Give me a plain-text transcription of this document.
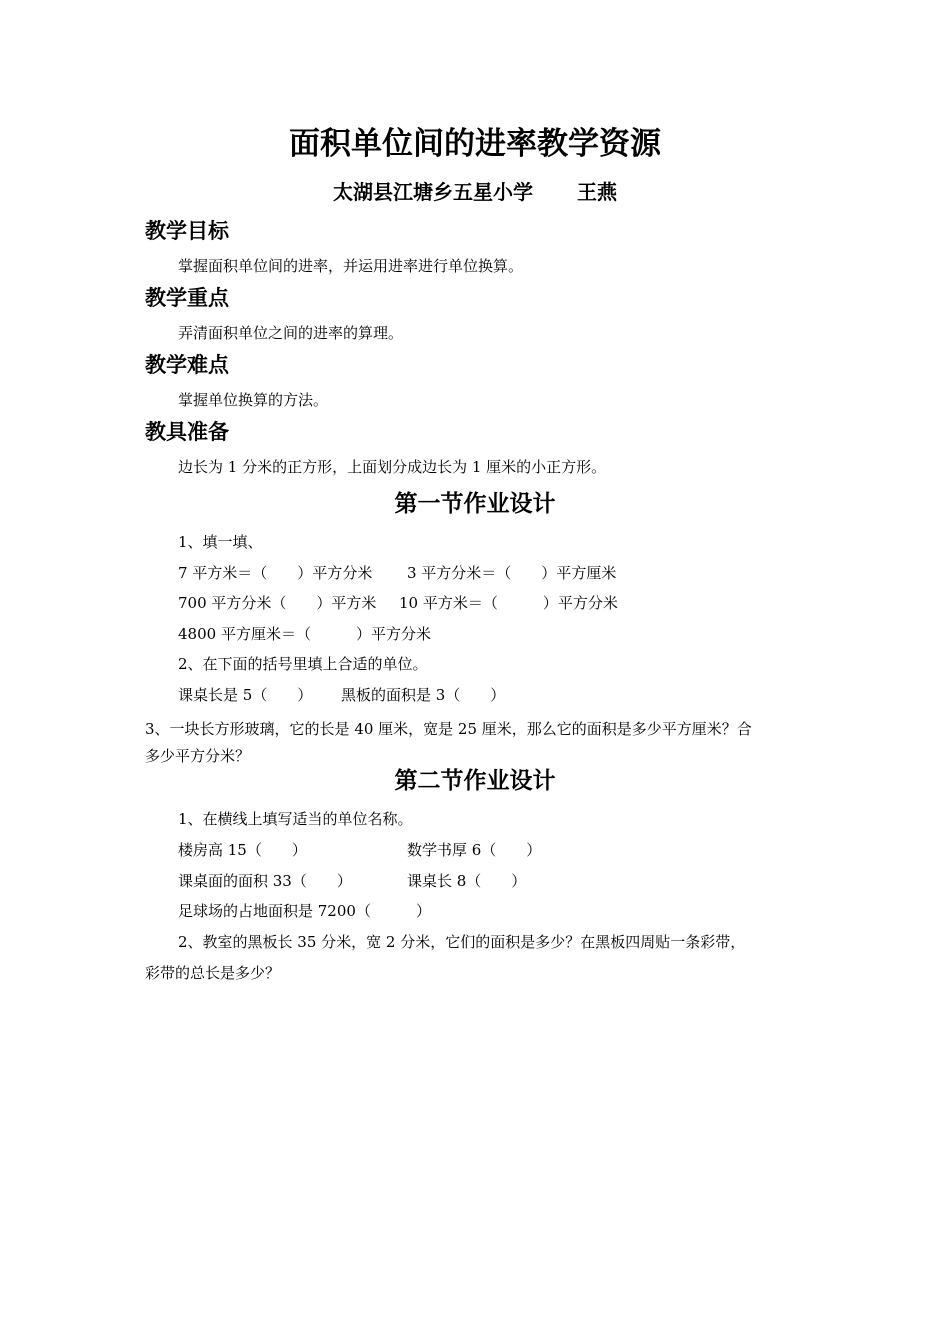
面积单位间的进率教学资源
太湖县江塘乡五星小学 王燕
教学目标
掌握面积单位间的进率，并运用进率进行单位换算。
教学重点
弄清面积单位之间的进率的算理。
教学难点
掌握单位换算的方法。
教具准备
边长为 1 分米的正方形，上面划分成边长为 1 厘米的小正方形。
第一节作业设计
1、填一填、
7 平方米＝（　　）平方分米 3 平方分米＝（　　）平方厘米
700 平方分米（　　）平方米 10 平方米＝（　　　）平方分米
4800 平方厘米＝（　　　）平方分米
2、在下面的括号里填上合适的单位。
课桌长是 5（　　） 黑板的面积是 3（　　）
3、一块长方形玻璃，它的长是 40 厘米，宽是 25 厘米，那么它的面积是多少平方厘米？合
多少平方分米？
第二节作业设计
1、在横线上填写适当的单位名称。
楼房高 15（　　）	数学书厚 6（　　）
课桌面的面积 33（　　）	课桌长 8（　　）
足球场的占地面积是 7200（　　　）
2、教室的黑板长 35 分米，宽 2 分米，它们的面积是多少？在黑板四周贴一条彩带，
彩带的总长是多少？
